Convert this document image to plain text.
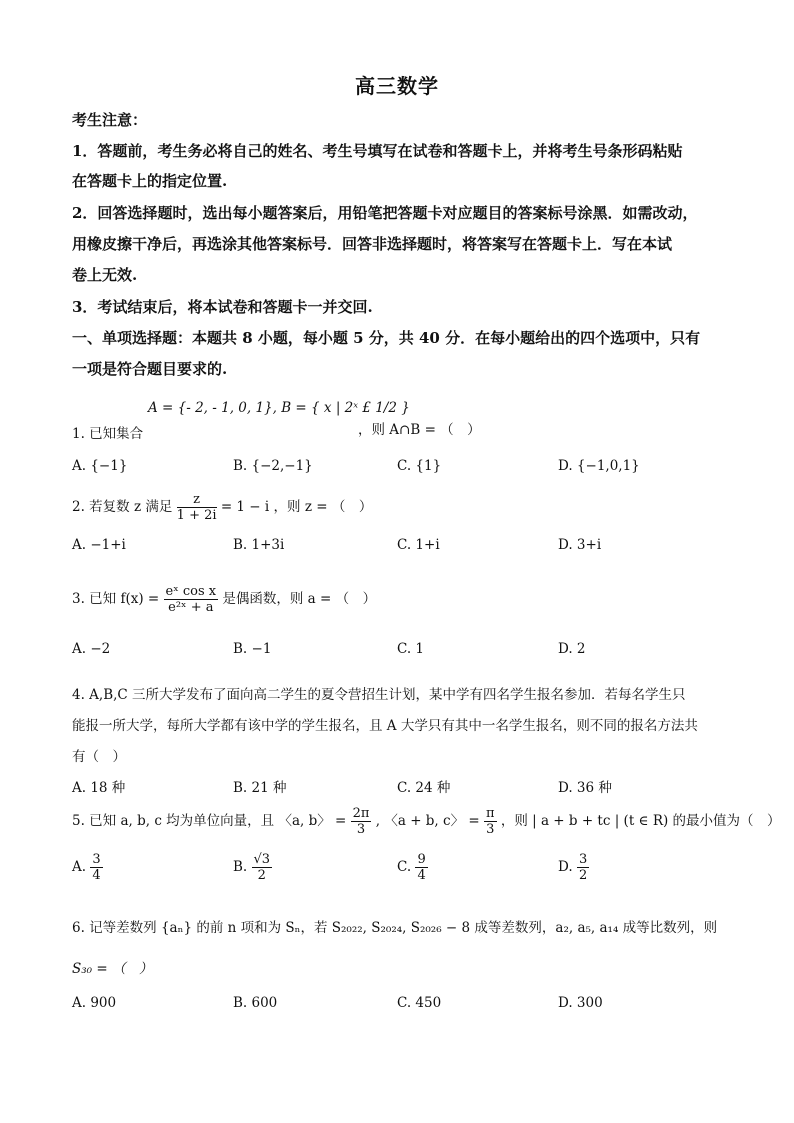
高三数学
考生注意：
1．答题前，考生务必将自己的姓名、考生号填写在试卷和答题卡上，并将考生号条形码粘贴
在答题卡上的指定位置.
2．回答选择题时，选出每小题答案后，用铅笔把答题卡对应题目的答案标号涂黑．如需改动，
用橡皮擦干净后，再选涂其他答案标号．回答非选择题时，将答案写在答题卡上．写在本试
卷上无效.
3．考试结束后，将本试卷和答题卡一并交回.
一、单项选择题：本题共 8 小题，每小题 5 分，共 40 分．在每小题给出的四个选项中，只有
一项是符合题目要求的.
A = {- 2, - 1, 0, 1}, B = { x | 2ˣ £ 1/2 }
1. 已知集合	，则 A∩B = （　）
A. {−1}	B. {−2,−1}	C. {1}	D. {−1,0,1}
2. 若复数 z 满足 $\frac{z}{1 + 2i} = 1 - i$ ，则 z = （　）
A. −1+i	B. 1+3i	C. 1+i	D. 3+i
3. 已知 $f(x) = \frac{\text{eˣ cos x}}{\text{e²ˣ + a}}$ 是偶函数，则 a = （　）
A. −2	B. −1	C. 1	D. 2
4. A,B,C 三所大学发布了面向高二学生的夏令营招生计划，某中学有四名学生报名参加．若每名学生只
能报一所大学，每所大学都有该中学的学生报名，且 A 大学只有其中一名学生报名，则不同的报名方法共
有（　）
A. 18 种	B. 21 种	C. 24 种	D. 36 种
5. 已知 a, b, c 均为单位向量，且 〈a, b〉 = $\frac{2\pi}{3}$ , 〈a + b, c〉 = $\frac{\pi}{3}$ ，则 | a + b + tc | (t ∈ R) 的最小值为（　）
A. $\frac{3}{4}$	B. $\frac{√3}{2}$	C. $\frac{9}{4}$	D. $\frac{3}{2}$
6. 记等差数列 {aₙ} 的前 n 项和为 Sₙ，若 S₂₀₂₂, S₂₀₂₄, S₂₀₂₆ − 8 成等差数列，a₂, a₅, a₁₄ 成等比数列，则
S₃₀ = （　）
A. 900	B. 600	C. 450	D. 300
